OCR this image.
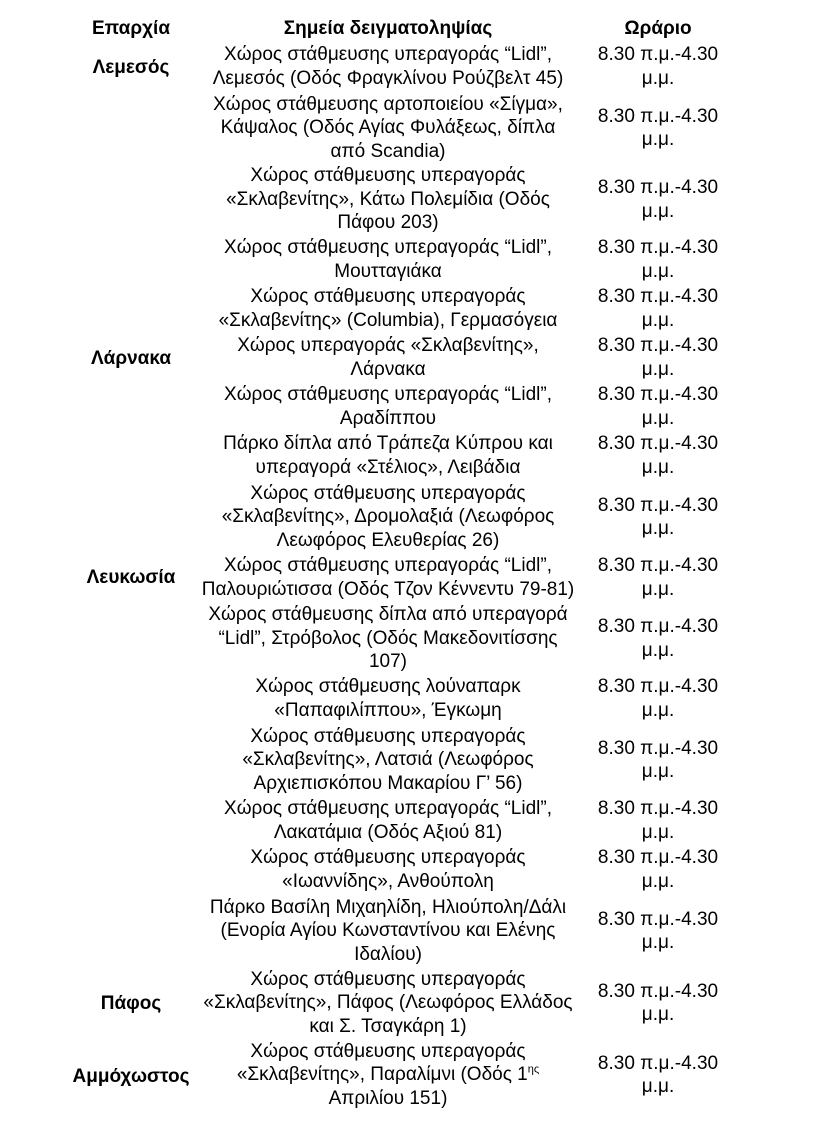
Επαρχία	Σημεία δειγματοληψίας	Ωράριο
Λεμεσός
Λάρνακα
Λευκωσία
Πάφος
Αμμόχωστος
Χώρος στάθμευσης υπεραγοράς “Lidl”,
Λεμεσός (Οδός Φραγκλίνου Ρούζβελτ 45)
8.30 π.μ.-4.30
μ.μ.
Χώρος στάθμευσης αρτοποιείου «Σίγμα»,
Κάψαλος (Οδός Αγίας Φυλάξεως, δίπλα
από Scandia)
8.30 π.μ.-4.30
μ.μ.
Χώρος στάθμευσης υπεραγοράς
«Σκλαβενίτης», Κάτω Πολεμίδια (Οδός
Πάφου 203)
8.30 π.μ.-4.30
μ.μ.
Χώρος στάθμευσης υπεραγοράς “Lidl”,
Μουτταγιάκα
8.30 π.μ.-4.30
μ.μ.
Χώρος στάθμευσης υπεραγοράς
«Σκλαβενίτης» (Columbia), Γερμασόγεια
8.30 π.μ.-4.30
μ.μ.
Χώρος υπεραγοράς «Σκλαβενίτης»,
Λάρνακα
8.30 π.μ.-4.30
μ.μ.
Χώρος στάθμευσης υπεραγοράς “Lidl”,
Αραδίππου
8.30 π.μ.-4.30
μ.μ.
Πάρκο δίπλα από Τράπεζα Κύπρου και
υπεραγορά «Στέλιος», Λειβάδια
8.30 π.μ.-4.30
μ.μ.
Χώρος στάθμευσης υπεραγοράς
«Σκλαβενίτης», Δρομολαξιά (Λεωφόρος
Λεωφόρος Ελευθερίας 26)
8.30 π.μ.-4.30
μ.μ.
Χώρος στάθμευσης υπεραγοράς “Lidl”,
Παλουριώτισσα (Οδός Τζον Κέννεντυ 79-81)
8.30 π.μ.-4.30
μ.μ.
Χώρος στάθμευσης δίπλα από υπεραγορά
“Lidl”, Στρόβολος (Οδός Μακεδονιτίσσης
107)
8.30 π.μ.-4.30
μ.μ.
Χώρος στάθμευσης λούναπαρκ
«Παπαφιλίππου», Έγκωμη
8.30 π.μ.-4.30
μ.μ.
Χώρος στάθμευσης υπεραγοράς
«Σκλαβενίτης», Λατσιά (Λεωφόρος
Αρχιεπισκόπου Μακαρίου Γ’ 56)
8.30 π.μ.-4.30
μ.μ.
Χώρος στάθμευσης υπεραγοράς “Lidl”,
Λακατάμια (Οδός Αξιού 81)
8.30 π.μ.-4.30
μ.μ.
Χώρος στάθμευσης υπεραγοράς
«Ιωαννίδης», Ανθούπολη
8.30 π.μ.-4.30
μ.μ.
Πάρκο Βασίλη Μιχαηλίδη, Ηλιούπολη/Δάλι
(Ενορία Αγίου Κωνσταντίνου και Ελένης
Ιδαλίου)
8.30 π.μ.-4.30
μ.μ.
Χώρος στάθμευσης υπεραγοράς
«Σκλαβενίτης», Πάφος (Λεωφόρος Ελλάδος
και Σ. Τσαγκάρη 1)
8.30 π.μ.-4.30
μ.μ.
Χώρος στάθμευσης υπεραγοράς
«Σκλαβενίτης», Παραλίμνι (Οδός $1^{\eta\varsigma}$
Απριλίου 151)
8.30 π.μ.-4.30
μ.μ.
